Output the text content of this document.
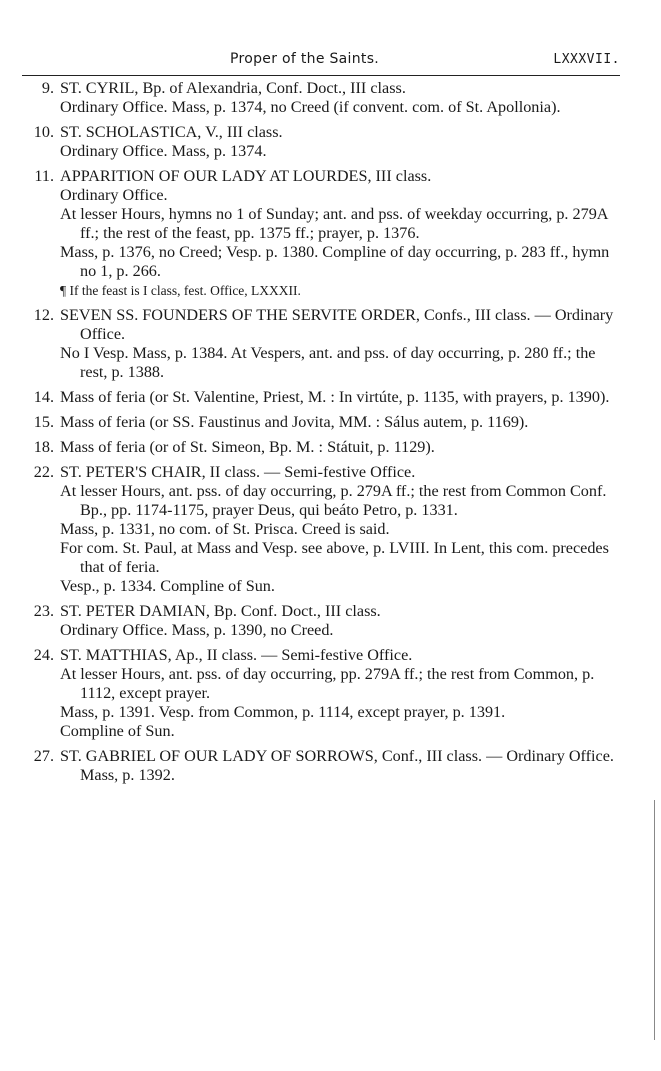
Proper of the Saints.	LXXXVII.
9. ST. CYRIL, Bp. of Alexandria, Conf. Doct., III class.
Ordinary Office. Mass, p. 1374, no Creed (if convent. com. of St. Apollonia).
10. ST. SCHOLASTICA, V., III class.
Ordinary Office. Mass, p. 1374.
11. APPARITION OF OUR LADY AT LOURDES, III class.
Ordinary Office.
At lesser Hours, hymns no 1 of Sunday; ant. and pss. of weekday occurring, p. 279A ff.; the rest of the feast, pp. 1375 ff.; prayer, p. 1376.
Mass, p. 1376, no Creed; Vesp. p. 1380. Compline of day occurring, p. 283 ff., hymn no 1, p. 266.
¶ If the feast is I class, fest. Office, LXXXII.
12. SEVEN SS. FOUNDERS OF THE SERVITE ORDER, Confs., III class. — Ordinary Office.
No I Vesp. Mass, p. 1384. At Vespers, ant. and pss. of day occurring, p. 280 ff.; the rest, p. 1388.
14. Mass of feria (or St. Valentine, Priest, M. : In virtúte, p. 1135, with prayers, p. 1390).
15. Mass of feria (or SS. Faustinus and Jovita, MM. : Sálus autem, p. 1169).
18. Mass of feria (or of St. Simeon, Bp. M. : Státuit, p. 1129).
22. ST. PETER'S CHAIR, II class. — Semi-festive Office.
At lesser Hours, ant. pss. of day occurring, p. 279A ff.; the rest from Common Conf. Bp., pp. 1174-1175, prayer Deus, qui beáto Petro, p. 1331.
Mass, p. 1331, no com. of St. Prisca. Creed is said.
For com. St. Paul, at Mass and Vesp. see above, p. LVIII. In Lent, this com. precedes that of feria.
Vesp., p. 1334. Compline of Sun.
23. ST. PETER DAMIAN, Bp. Conf. Doct., III class.
Ordinary Office. Mass, p. 1390, no Creed.
24. ST. MATTHIAS, Ap., II class. — Semi-festive Office.
At lesser Hours, ant. pss. of day occurring, pp. 279A ff.; the rest from Common, p. 1112, except prayer.
Mass, p. 1391. Vesp. from Common, p. 1114, except prayer, p. 1391.
Compline of Sun.
27. ST. GABRIEL OF OUR LADY OF SORROWS, Conf., III class. — Ordinary Office. Mass, p. 1392.
